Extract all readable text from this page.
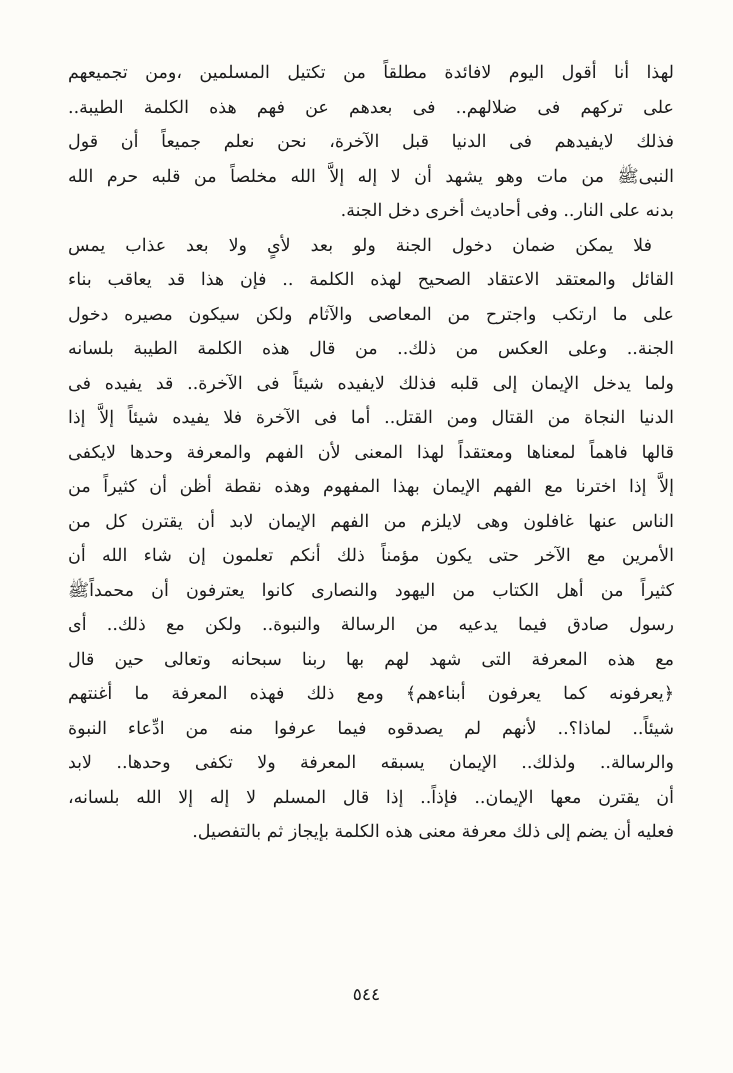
لهذا أنا أقول اليوم لافائدة مطلقاً من تكتيل المسلمين ،ومن تجميعهم
على تركهم فى ضلالهم.. فى بعدهم عن فهم هذه الكلمة الطيبة..
فذلك لايفيدهم فى الدنيا قبل الآخرة، نحن نعلم جميعاً أن قول
النبىﷺ من مات وهو يشهد أن لا إله إلاَّ الله مخلصاً من قلبه حرم الله
بدنه على النار.. وفى أحاديث أخرى دخل الجنة.
فلا يمكن ضمان دخول الجنة ولو بعد لأىٍ ولا بعد عذاب يمس
القائل والمعتقد الاعتقاد الصحيح لهذه الكلمة .. فإن هذا قد يعاقب بناء
على ما ارتكب واجترح من المعاصى والآثام ولكن سيكون مصيره دخول
الجنة.. وعلى العكس من ذلك.. من قال هذه الكلمة الطيبة بلسانه
ولما يدخل الإيمان إلى قلبه فذلك لايفيده شيئاً فى الآخرة.. قد يفيده فى
الدنيا النجاة من القتال ومن القتل.. أما فى الآخرة فلا يفيده شيئاً إلاَّ إذا
قالها فاهماً لمعناها ومعتقداً لهذا المعنى لأن الفهم والمعرفة وحدها لايكفى
إلاَّ إذا اخترنا مع الفهم الإيمان بهذا المفهوم وهذه نقطة أظن أن كثيراً من
الناس عنها غافلون وهى لايلزم من الفهم الإيمان لابد أن يقترن كل من
الأمرين مع الآخر حتى يكون مؤمناً ذلك أنكم تعلمون إن شاء الله أن
كثيراً من أهل الكتاب من اليهود والنصارى كانوا يعترفون أن محمداًﷺ
رسول صادق فيما يدعيه من الرسالة والنبوة.. ولكن مع ذلك.. أى
مع هذه المعرفة التى شهد لهم بها ربنا سبحانه وتعالى حين قال
﴿يعرفونه كما يعرفون أبناءهم﴾ ومع ذلك فهذه المعرفة ما أغنتهم
شيئاً.. لماذا؟.. لأنهم لم يصدقوه فيما عرفوا منه من ادِّعاء النبوة
والرسالة.. ولذلك.. الإيمان يسبقه المعرفة ولا تكفى وحدها.. لابد
أن يقترن معها الإيمان.. فإذاً.. إذا قال المسلم لا إله إلا الله بلسانه،
فعليه أن يضم إلى ذلك معرفة معنى هذه الكلمة بإيجاز ثم بالتفصيل.
٥٤٤
